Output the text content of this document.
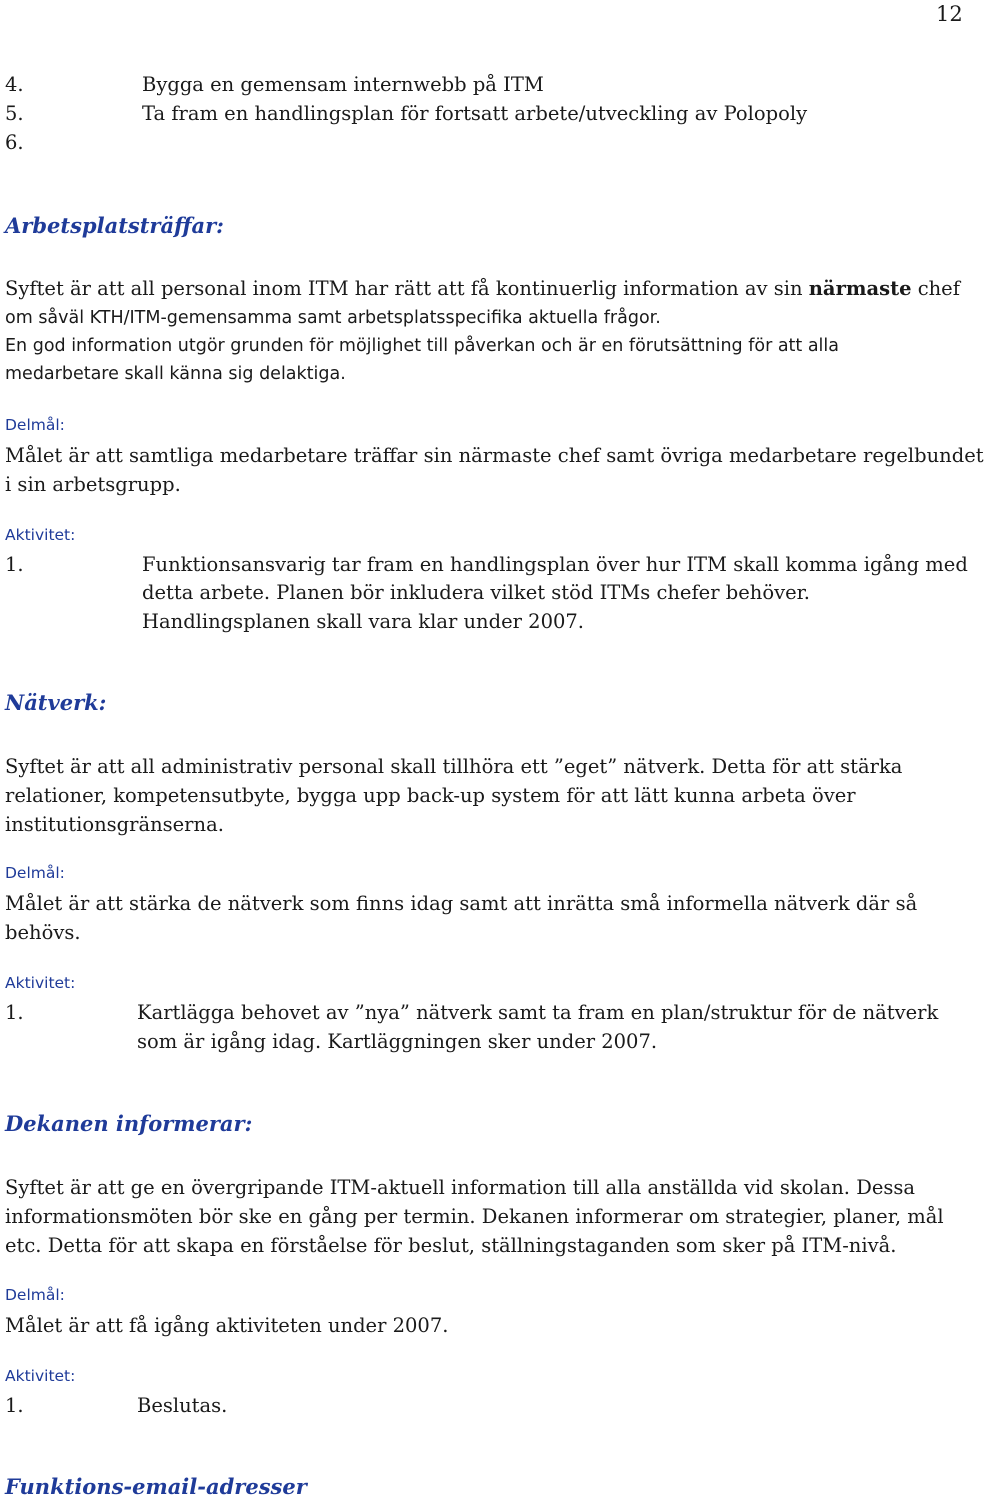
12
4.	Bygga en gemensam internwebb på ITM
5.	Ta fram en handlingsplan för fortsatt arbete/utveckling av Polopoly
6.
Arbetsplatsträffar:
Syftet är att all personal inom ITM har rätt att få kontinuerlig information av sin närmaste chef
om såväl KTH/ITM-gemensamma samt arbetsplatsspecifika aktuella frågor.
En god information utgör grunden för möjlighet till påverkan och är en förutsättning för att alla
medarbetare skall känna sig delaktiga.
Delmål:
Målet är att samtliga medarbetare träffar sin närmaste chef samt övriga medarbetare regelbundet
i sin arbetsgrupp.
Aktivitet:
1.	Funktionsansvarig tar fram en handlingsplan över hur ITM skall komma igång med
detta arbete. Planen bör inkludera vilket stöd ITMs chefer behöver.
Handlingsplanen skall vara klar under 2007.
Nätverk:
Syftet är att all administrativ personal skall tillhöra ett ”eget” nätverk. Detta för att stärka
relationer, kompetensutbyte, bygga upp back-up system för att lätt kunna arbeta över
institutionsgränserna.
Delmål:
Målet är att stärka de nätverk som finns idag samt att inrätta små informella nätverk där så
behövs.
Aktivitet:
1.	Kartlägga behovet av ”nya” nätverk samt ta fram en plan/struktur för de nätverk
som är igång idag. Kartläggningen sker under 2007.
Dekanen informerar:
Syftet är att ge en övergripande ITM-aktuell information till alla anställda vid skolan. Dessa
informationsmöten bör ske en gång per termin. Dekanen informerar om strategier, planer, mål
etc. Detta för att skapa en förståelse för beslut, ställningstaganden som sker på ITM-nivå.
Delmål:
Målet är att få igång aktiviteten under 2007.
Aktivitet:
1.	Beslutas.
Funktions-email-adresser
